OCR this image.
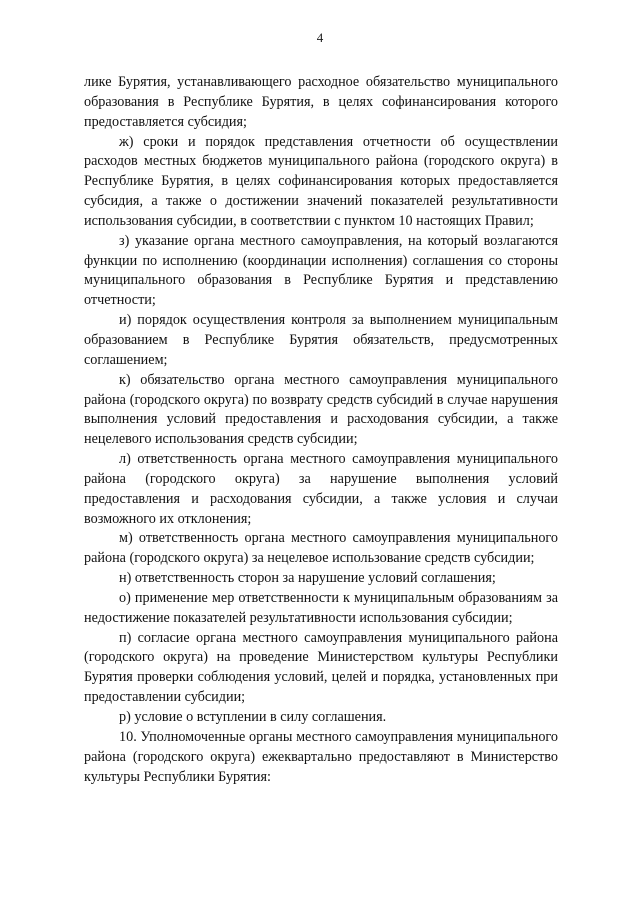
4

лике Бурятия, устанавливающего расходное обязательство муниципального образования в Республике Бурятия, в целях софинансирования которого предоставляется субсидия;

ж) сроки и порядок представления отчетности об осуществлении расходов местных бюджетов муниципального района (городского округа) в Республике Бурятия, в целях софинансирования которых предоставляется субсидия, а также о достижении значений показателей результативности использования субсидии, в соответствии с пунктом 10 настоящих Правил;

з) указание органа местного самоуправления, на который возлагаются функции по исполнению (координации исполнения) соглашения со стороны муниципального образования в Республике Бурятия и представлению отчетности;

и) порядок осуществления контроля за выполнением муниципальным образованием в Республике Бурятия обязательств, предусмотренных соглашением;

к) обязательство органа местного самоуправления муниципального района (городского округа) по возврату средств субсидий в случае нарушения выполнения условий предоставления и расходования субсидии, а также нецелевого использования средств субсидии;

л) ответственность органа местного самоуправления муниципального района (городского округа) за нарушение выполнения условий предоставления и расходования субсидии, а также условия и случаи возможного их отклонения;

м) ответственность органа местного самоуправления муниципального района (городского округа) за нецелевое использование средств субсидии;

н) ответственность сторон за нарушение условий соглашения;

о) применение мер ответственности к муниципальным образованиям за недостижение показателей результативности использования субсидии;

п) согласие органа местного самоуправления муниципального района (городского округа) на проведение Министерством культуры Республики Бурятия проверки соблюдения условий, целей и порядка, установленных при предоставлении субсидии;

р) условие о вступлении в силу соглашения.

10. Уполномоченные органы местного самоуправления муниципального района (городского округа) ежеквартально предоставляют в Министерство культуры Республики Бурятия:
